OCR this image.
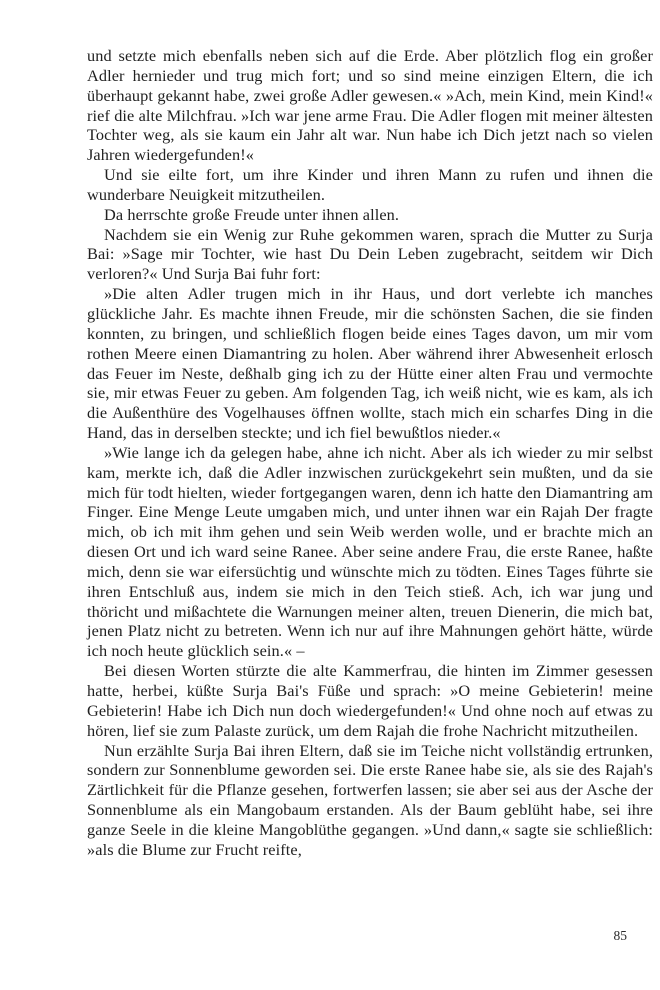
und setzte mich ebenfalls neben sich auf die Erde. Aber plötzlich flog ein großer Adler hernieder und trug mich fort; und so sind meine einzigen Eltern, die ich überhaupt gekannt habe, zwei große Adler gewesen.« »Ach, mein Kind, mein Kind!« rief die alte Milchfrau. »Ich war jene arme Frau. Die Adler flogen mit meiner ältesten Tochter weg, als sie kaum ein Jahr alt war. Nun habe ich Dich jetzt nach so vielen Jahren wiedergefunden!«

Und sie eilte fort, um ihre Kinder und ihren Mann zu rufen und ihnen die wunderbare Neuigkeit mitzutheilen.

Da herrschte große Freude unter ihnen allen.

Nachdem sie ein Wenig zur Ruhe gekommen waren, sprach die Mutter zu Surja Bai: »Sage mir Tochter, wie hast Du Dein Leben zugebracht, seitdem wir Dich verloren?« Und Surja Bai fuhr fort:

»Die alten Adler trugen mich in ihr Haus, und dort verlebte ich manches glückliche Jahr. Es machte ihnen Freude, mir die schönsten Sachen, die sie finden konnten, zu bringen, und schließlich flogen beide eines Tages davon, um mir vom rothen Meere einen Diamantring zu holen. Aber während ihrer Abwesenheit erlosch das Feuer im Neste, deßhalb ging ich zu der Hütte einer alten Frau und vermochte sie, mir etwas Feuer zu geben. Am folgenden Tag, ich weiß nicht, wie es kam, als ich die Außenthüre des Vogelhauses öffnen wollte, stach mich ein scharfes Ding in die Hand, das in derselben steckte; und ich fiel bewußtlos nieder.«

»Wie lange ich da gelegen habe, ahne ich nicht. Aber als ich wieder zu mir selbst kam, merkte ich, daß die Adler inzwischen zurückgekehrt sein mußten, und da sie mich für todt hielten, wieder fortgegangen waren, denn ich hatte den Diamantring am Finger. Eine Menge Leute umgaben mich, und unter ihnen war ein Rajah Der fragte mich, ob ich mit ihm gehen und sein Weib werden wolle, und er brachte mich an diesen Ort und ich ward seine Ranee. Aber seine andere Frau, die erste Ranee, haßte mich, denn sie war eifersüchtig und wünschte mich zu tödten. Eines Tages führte sie ihren Entschluß aus, indem sie mich in den Teich stieß. Ach, ich war jung und thöricht und mißachtete die Warnungen meiner alten, treuen Dienerin, die mich bat, jenen Platz nicht zu betreten. Wenn ich nur auf ihre Mahnungen gehört hätte, würde ich noch heute glücklich sein.« –

Bei diesen Worten stürzte die alte Kammerfrau, die hinten im Zimmer gesessen hatte, herbei, küßte Surja Bai's Füße und sprach: »O meine Gebieterin! meine Gebieterin! Habe ich Dich nun doch wiedergefunden!« Und ohne noch auf etwas zu hören, lief sie zum Palaste zurück, um dem Rajah die frohe Nachricht mitzutheilen.

Nun erzählte Surja Bai ihren Eltern, daß sie im Teiche nicht vollständig ertrunken, sondern zur Sonnenblume geworden sei. Die erste Ranee habe sie, als sie des Rajah's Zärtlichkeit für die Pflanze gesehen, fortwerfen lassen; sie aber sei aus der Asche der Sonnenblume als ein Mangobaum erstanden. Als der Baum geblüht habe, sei ihre ganze Seele in die kleine Mangoblüthe gegangen. »Und dann,« sagte sie schließlich: »als die Blume zur Frucht reifte,

85
